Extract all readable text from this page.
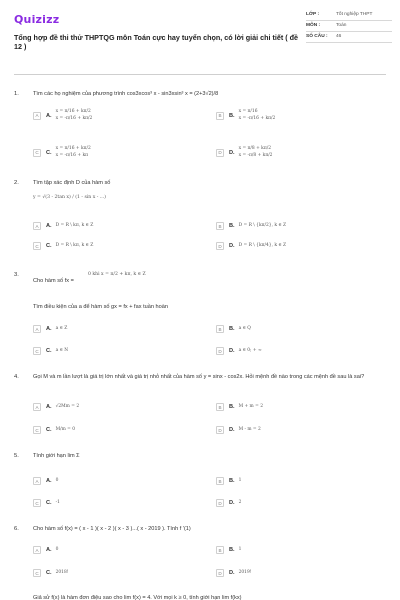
Quizizz
Tổng hợp đề thi thử THPTQG môn Toán cực hay tuyển chọn, có lời giải chi tiết ( đề 12 )
LỚP :	Tốt nghiệp THPT
MÔN :	Toán
SỐ CÂU :	46
1.	Tìm các họ nghiệm của phương trình cos3xcos³ x - sin3xsin³ x = (2+3√2)/8
A	A.
x = π/16 + kπ/2
x = -π/16 + kπ/2	B	B.
x = π/16
x = -π/16 + kπ/2
C	C.
x = π/16 + kπ/2
x = -π/16 + kπ	D	D.
x = π/8 + kπ/2
x = -π/8 + kπ/2
2.	Tìm tập xác định D của hàm số
y = √(3 - 2tan x) / (1 - sin x - ...)
A	A. D = R \ kπ, k ∈ Z	B	B. D = R \ {kπ/2}, k ∈ Z
C	C. D = R \ kπ, k ∈ Z	D	D. D = R \ {kπ/4}, k ∈ Z
3.
Cho hàm số fx =
0 khi x = π/2 + kπ, k ∈ Z
Tìm điều kiện của a để hàm số gx = fx + fax tuần hoàn
A	A. a ∈ Z	B	B. a ∈ Q
C	C. a ∈ N	D	D. a ∈ 0; + ∞
4.	Gọi M và m lần lượt là giá trị lớn nhất và giá trị nhỏ nhất của hàm số y = sinx - cos2x. Hỏi mệnh đề nào trong các mệnh đề sau là sai?
A	A. √2Mm = 2	B	B. M + m = 2
C	C. M/m = 0	D	D. M - m = 2
5.	Tính giới hạn lim Σ
A	A. 0	B	B. 1
C	C. -1	D	D. 2
6.	Cho hàm số f(x) = ( x - 1 )( x - 2 )( x - 3 )...( x - 2019 ). Tính f '(1)
A	A. 0	B	B. 1
C	C. 2018!	D	D. 2019!
Giả sử f(x) là hàm đơn điệu sao cho lim f(x) = 4. Với mọi k ≥ 0, tính giới hạn lim f(kx)
